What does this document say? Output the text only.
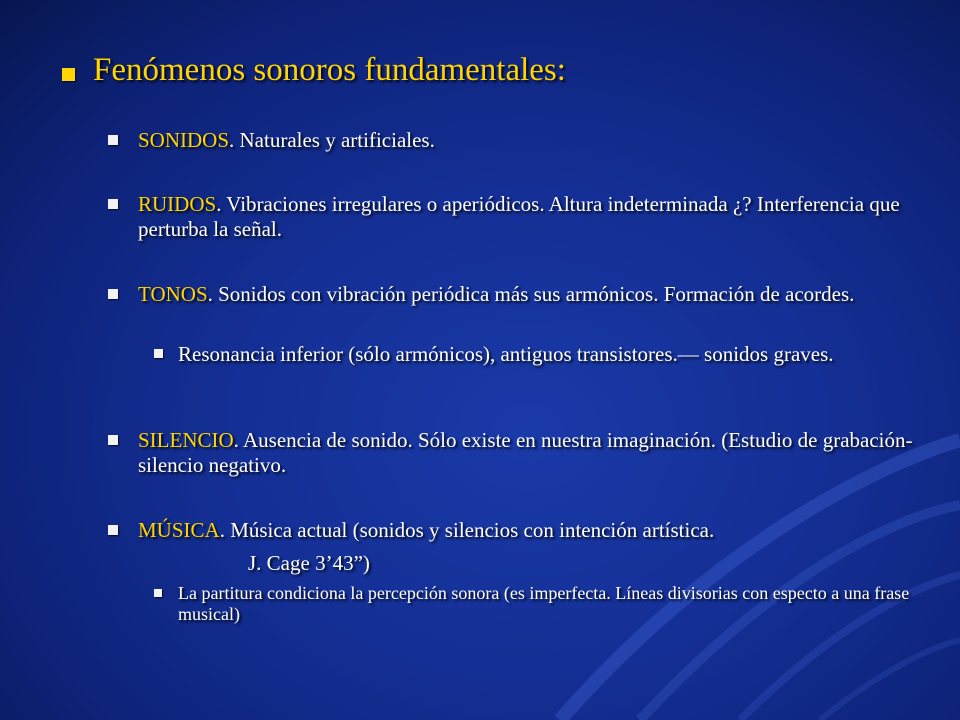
Fenómenos sonoros fundamentales:
SONIDOS. Naturales y artificiales.
RUIDOS. Vibraciones irregulares o aperiódicos. Altura indeterminada ¿? Interferencia que perturba la señal.
TONOS. Sonidos con vibración periódica más sus armónicos. Formación de acordes.
Resonancia inferior (sólo armónicos), antiguos transistores.— sonidos graves.
SILENCIO. Ausencia de sonido. Sólo existe en nuestra imaginación. (Estudio de grabación-silencio negativo.
MÚSICA. Música actual (sonidos y silencios con intención artística.
J. Cage 3’43”)
La partitura condiciona la percepción sonora (es imperfecta. Líneas divisorias con especto a una frase musical)
